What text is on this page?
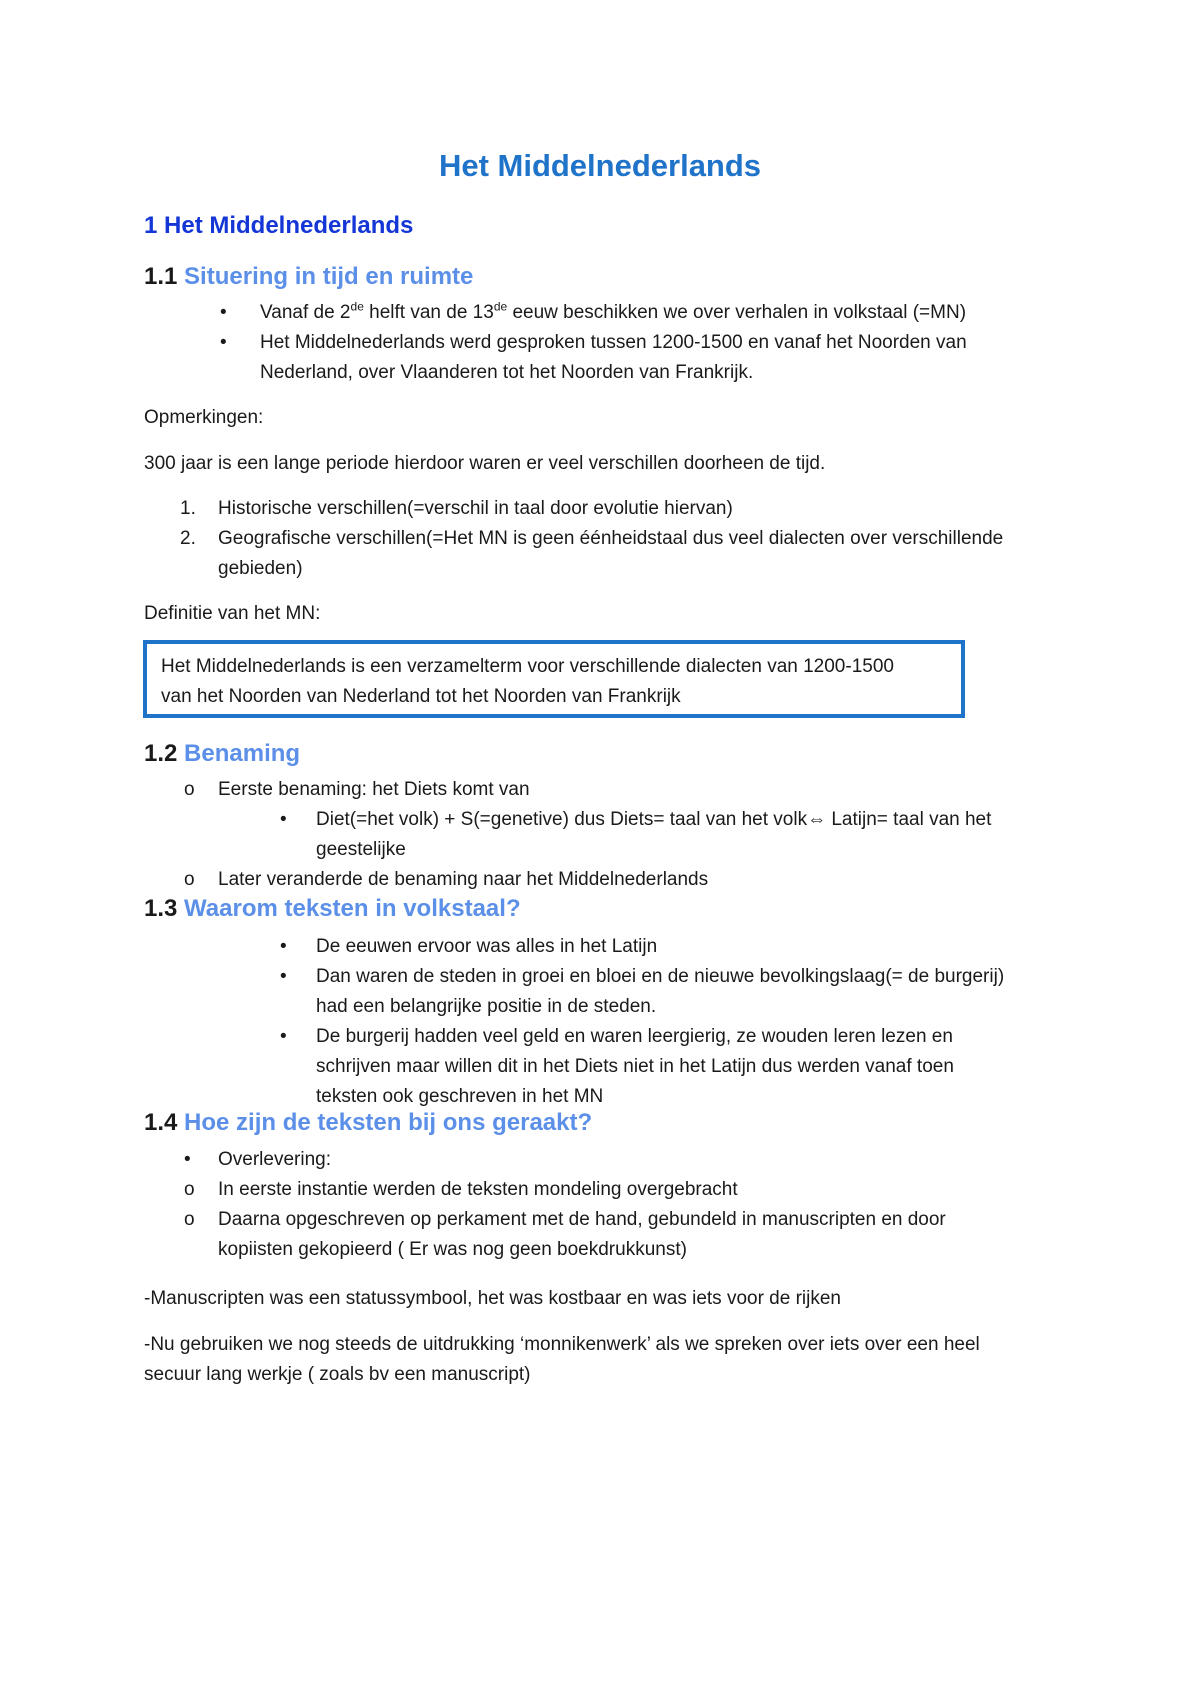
Het Middelnederlands
1 Het Middelnederlands
1.1 Situering in tijd en ruimte
• Vanaf de 2de helft van de 13de eeuw beschikken we over verhalen in volkstaal (=MN)
• Het Middelnederlands werd gesproken tussen 1200-1500 en vanaf het Noorden van
Nederland, over Vlaanderen tot het Noorden van Frankrijk.

Opmerkingen:

300 jaar is een lange periode hierdoor waren er veel verschillen doorheen de tijd.

1. Historische verschillen(=verschil in taal door evolutie hiervan)
2. Geografische verschillen(=Het MN is geen éénheidstaal dus veel dialecten over verschillende
gebieden)

Definitie van het MN:

Het Middelnederlands is een verzamelterm voor verschillende dialecten van 1200-1500
van het Noorden van Nederland tot het Noorden van Frankrijk
1.2 Benaming
o Eerste benaming: het Diets komt van
• Diet(=het volk) + S(=genetive) dus Diets= taal van het volk⇔ Latijn= taal van het
geestelijke
o Later veranderde de benaming naar het Middelnederlands
1.3 Waarom teksten in volkstaal?
• De eeuwen ervoor was alles in het Latijn
• Dan waren de steden in groei en bloei en de nieuwe bevolkingslaag(= de burgerij)
had een belangrijke positie in de steden.
• De burgerij hadden veel geld en waren leergierig, ze wouden leren lezen en
schrijven maar willen dit in het Diets niet in het Latijn dus werden vanaf toen
teksten ook geschreven in het MN
1.4 Hoe zijn de teksten bij ons geraakt?
• Overlevering:
o In eerste instantie werden de teksten mondeling overgebracht
o Daarna opgeschreven op perkament met de hand, gebundeld in manuscripten en door
kopiisten gekopieerd ( Er was nog geen boekdrukkunst)

-Manuscripten was een statussymbool, het was kostbaar en was iets voor de rijken

-Nu gebruiken we nog steeds de uitdrukking ‘monnikenwerk’ als we spreken over iets over een heel
secuur lang werkje ( zoals bv een manuscript)
